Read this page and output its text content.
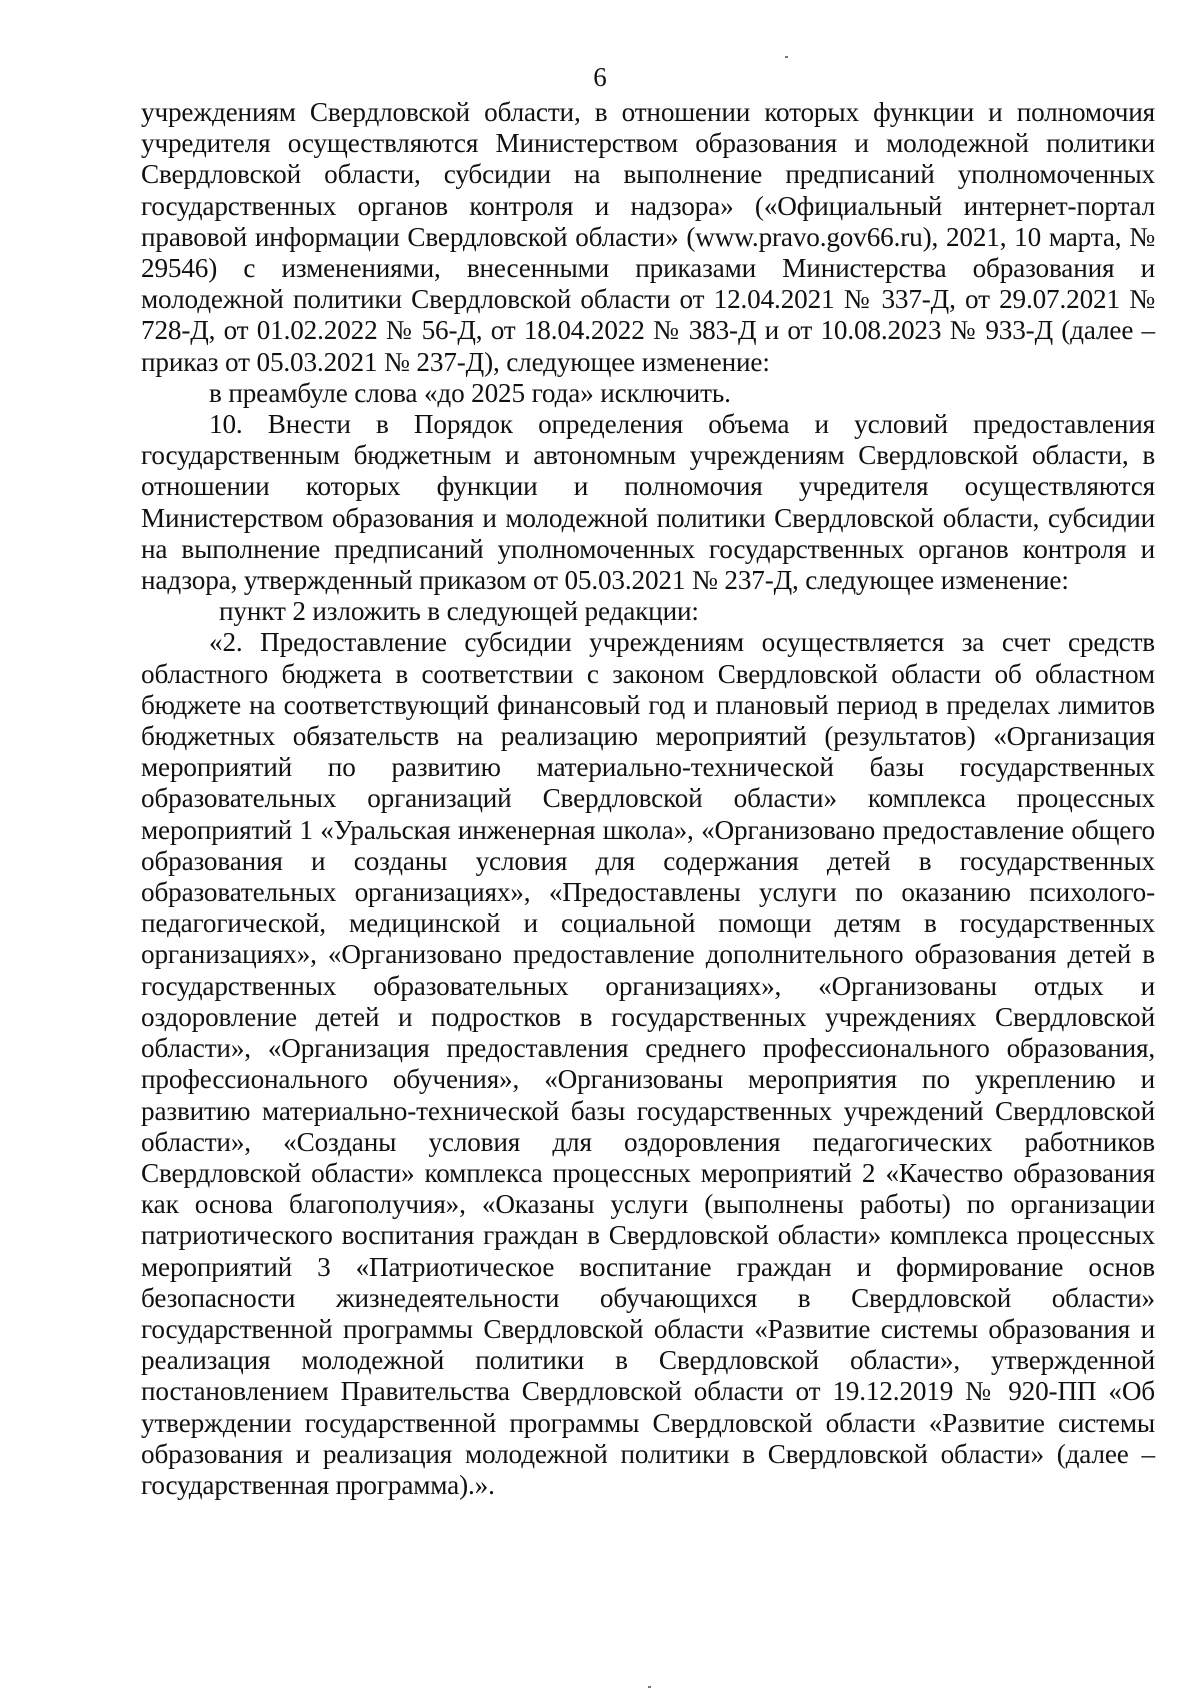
6

учреждениям Свердловской области, в отношении которых функции и полномочия учредителя осуществляются Министерством образования и молодежной политики Свердловской области, субсидии на выполнение предписаний уполномоченных государственных органов контроля и надзора» («Официальный интернет-портал правовой информации Свердловской области» (www.pravo.gov66.ru), 2021, 10 марта, № 29546) с изменениями, внесенными приказами Министерства образования и молодежной политики Свердловской области от 12.04.2021 № 337-Д, от 29.07.2021 № 728-Д, от 01.02.2022 № 56-Д, от 18.04.2022 № 383-Д и от 10.08.2023 № 933-Д (далее – приказ от 05.03.2021 № 237-Д), следующее изменение:

в преамбуле слова «до 2025 года» исключить.

10. Внести в Порядок определения объема и условий предоставления государственным бюджетным и автономным учреждениям Свердловской области, в отношении которых функции и полномочия учредителя осуществляются Министерством образования и молодежной политики Свердловской области, субсидии на выполнение предписаний уполномоченных государственных органов контроля и надзора, утвержденный приказом от 05.03.2021 № 237-Д, следующее изменение:

пункт 2 изложить в следующей редакции:

«2. Предоставление субсидии учреждениям осуществляется за счет средств областного бюджета в соответствии с законом Свердловской области об областном бюджете на соответствующий финансовый год и плановый период в пределах лимитов бюджетных обязательств на реализацию мероприятий (результатов) «Организация мероприятий по развитию материально-технической базы государственных образовательных организаций Свердловской области» комплекса процессных мероприятий 1 «Уральская инженерная школа», «Организовано предоставление общего образования и созданы условия для содержания детей в государственных образовательных организациях», «Предоставлены услуги по оказанию психолого-педагогической, медицинской и социальной помощи детям в государственных организациях», «Организовано предоставление дополнительного образования детей в государственных образовательных организациях», «Организованы отдых и оздоровление детей и подростков в государственных учреждениях Свердловской области», «Организация предоставления среднего профессионального образования, профессионального обучения», «Организованы мероприятия по укреплению и развитию материально-технической базы государственных учреждений Свердловской области», «Созданы условия для оздоровления педагогических работников Свердловской области» комплекса процессных мероприятий 2 «Качество образования как основа благополучия», «Оказаны услуги (выполнены работы) по организации патриотического воспитания граждан в Свердловской области» комплекса процессных мероприятий 3 «Патриотическое воспитание граждан и формирование основ безопасности жизнедеятельности обучающихся в Свердловской области» государственной программы Свердловской области «Развитие системы образования и реализация молодежной политики в Свердловской области», утвержденной постановлением Правительства Свердловской области от 19.12.2019 № 920-ПП «Об утверждении государственной программы Свердловской области «Развитие системы образования и реализация молодежной политики в Свердловской области» (далее – государственная программа).».
